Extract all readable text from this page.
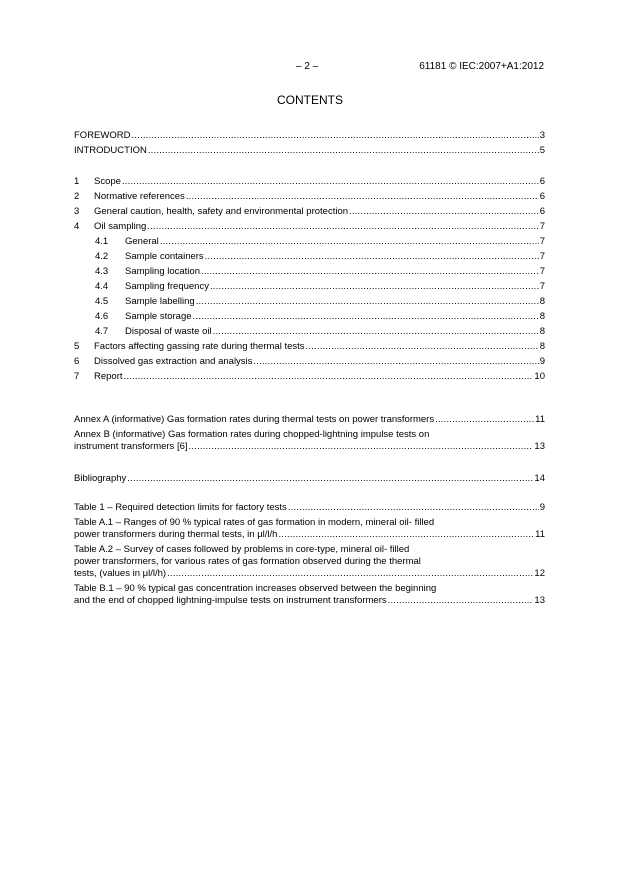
– 2 –	61181 © IEC:2007+A1:2012
CONTENTS
FOREWORD .....	3
INTRODUCTION .....	5
1	Scope .....	6
2	Normative references .....	6
3	General caution, health, safety and environmental protection .....	6
4	Oil sampling .....	7
4.1	General .....	7
4.2	Sample containers .....	7
4.3	Sampling location .....	7
4.4	Sampling frequency .....	7
4.5	Sample labelling .....	8
4.6	Sample storage .....	8
4.7	Disposal of waste oil .....	8
5	Factors affecting gassing rate during thermal tests .....	8
6	Dissolved gas extraction and analysis .....	9
7	Report .....	10
Annex A (informative) Gas formation rates during thermal tests on power transformers .....	11
Annex B (informative) Gas formation rates during chopped-lightning impulse tests on
instrument transformers [6] .....	13
Bibliography .....	14
Table 1 – Required detection limits for factory tests .....	9
Table A.1 – Ranges of 90 % typical rates of gas formation in modern, mineral oil- filled
power transformers during thermal tests, in μl/l/h .....	11
Table A.2 – Survey of cases followed by problems in core-type, mineral oil- filled
power transformers, for various rates of gas formation observed during the thermal
tests, (values in μl/l/h) .....	12
Table B.1 – 90 % typical gas concentration increases observed between the beginning
and the end of chopped lightning-impulse tests on instrument transformers .....	13
